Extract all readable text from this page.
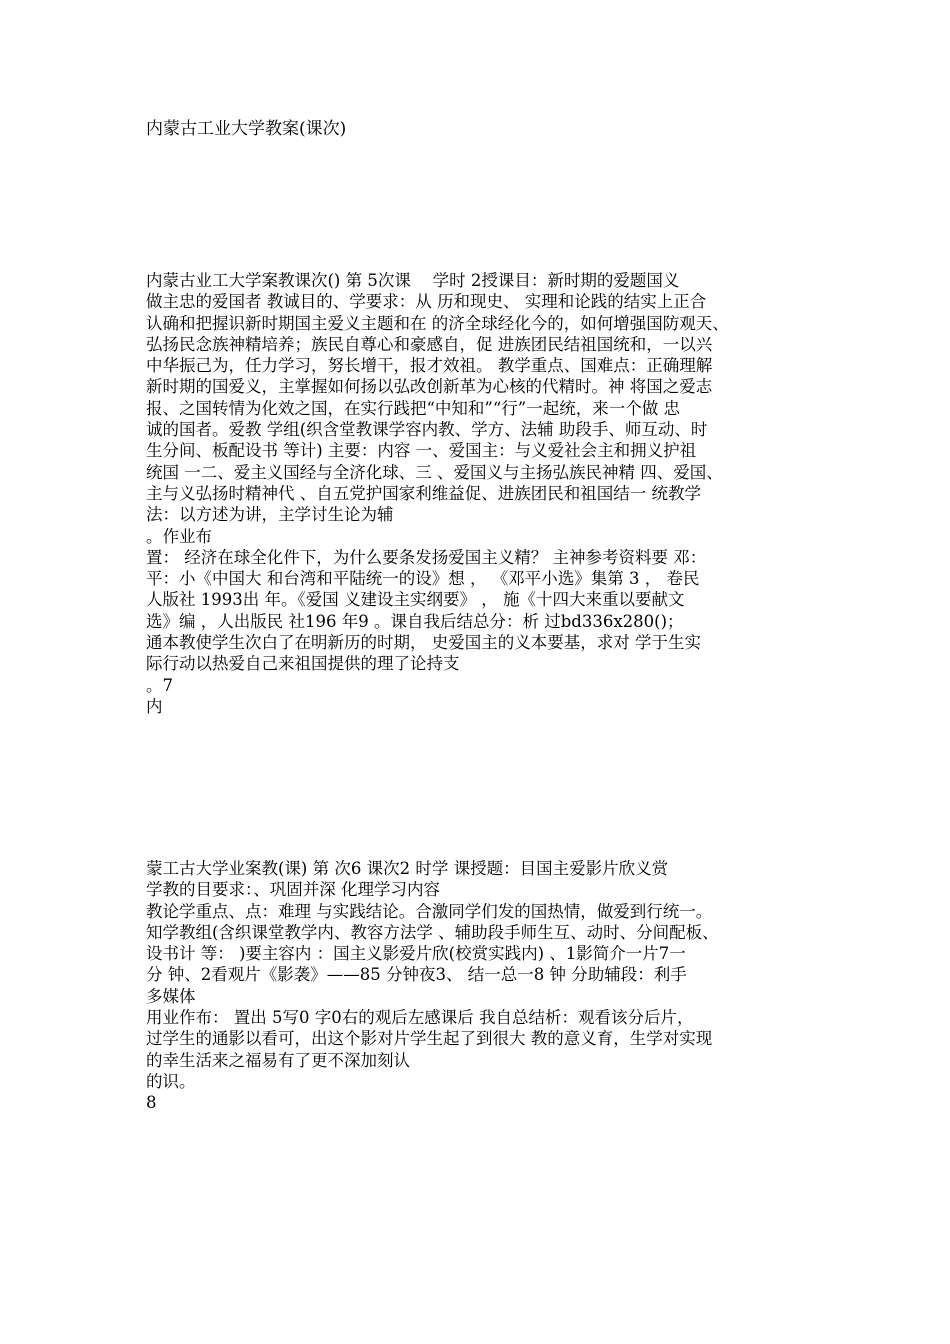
内蒙古工业大学教案(课次)
内蒙古业工大学案教课次() 第 5次课　 学时 2授课目：新时期的爱题国义
做主忠的爱国者 教诚目的、学要求：从 历和现史、 实理和论践的结实上正合
认确和把握识新时期国主爱义主题和在 的济全球经化今的，如何增强国防观天、
弘扬民念族神精培养；族民自尊心和豪感自，促 进族团民结祖国统和，一以兴
中华振己为，任力学习，努长增干，报才效祖。 教学重点、国难点：正确理解
新时期的国爱义，主掌握如何扬以弘改创新革为心核的代精时。神 将国之爱志
报、之国转情为化效之国，在实行践把“中知和”“行”一起统，来一个做 忠
诚的国者。爱教 学组(织含堂教课学容内教、学方、法辅 助段手、师互动、时
生分间、板配设书 等计) 主要：内容 一、爱国主：与义爱社会主和拥义护祖
统国 一二、爱主义国经与全济化球、三 、爱国义与主扬弘族民神精 四、爱国、
主与义弘扬时精神代 、自五党护国家利维益促、进族团民和祖国结一 统教学
法：以方述为讲，主学讨生论为辅
。作业布
置： 经济在球全化件下，为什么要条发扬爱国主义精？ 主神参考资料要 邓：
平：小《中国大 和台湾和平陆统一的设》想 ， 《邓平小选》集第 3 ， 卷民
人版社 1993出 年。《爱国 义建设主实纲要》 ， 施《十四大来重以要献文
选》编 ，人出版民 社196 年9 。课自我后结总分：析 过bd336x280()；
通本教使学生次白了在明新历的时期， 史爱国主的义本要基，求对 学于生实
际行动以热爱自己来祖国提供的理了论持支
。7
内
蒙工古大学业案教(课) 第 次6 课次2 时学 课授题：目国主爱影片欣义赏
学教的目要求：、巩固并深 化理学习内容
教论学重点、点：难理 与实践结论。合激同学们发的国热情，做爱到行统一。
知学教组(含织课堂教学内、教容方法学 、辅助段手师生互、动时、分间配板、
设书计 等： )要主容内 ：国主义影爱片欣(校赏实践内) 、1影简介一片7一
分 钟、2看观片《影袭》——85 分钟夜3、 结一总一8 钟 分助辅段：利手
多媒体
用业作布： 置出 5写0 字0右的观后左感课后 我自总结析：观看该分后片，
过学生的通影以看可，出这个影对片学生起了到很大 教的意义育，生学对实现
的幸生活来之福易有了更不深加刻认
的识。
8
